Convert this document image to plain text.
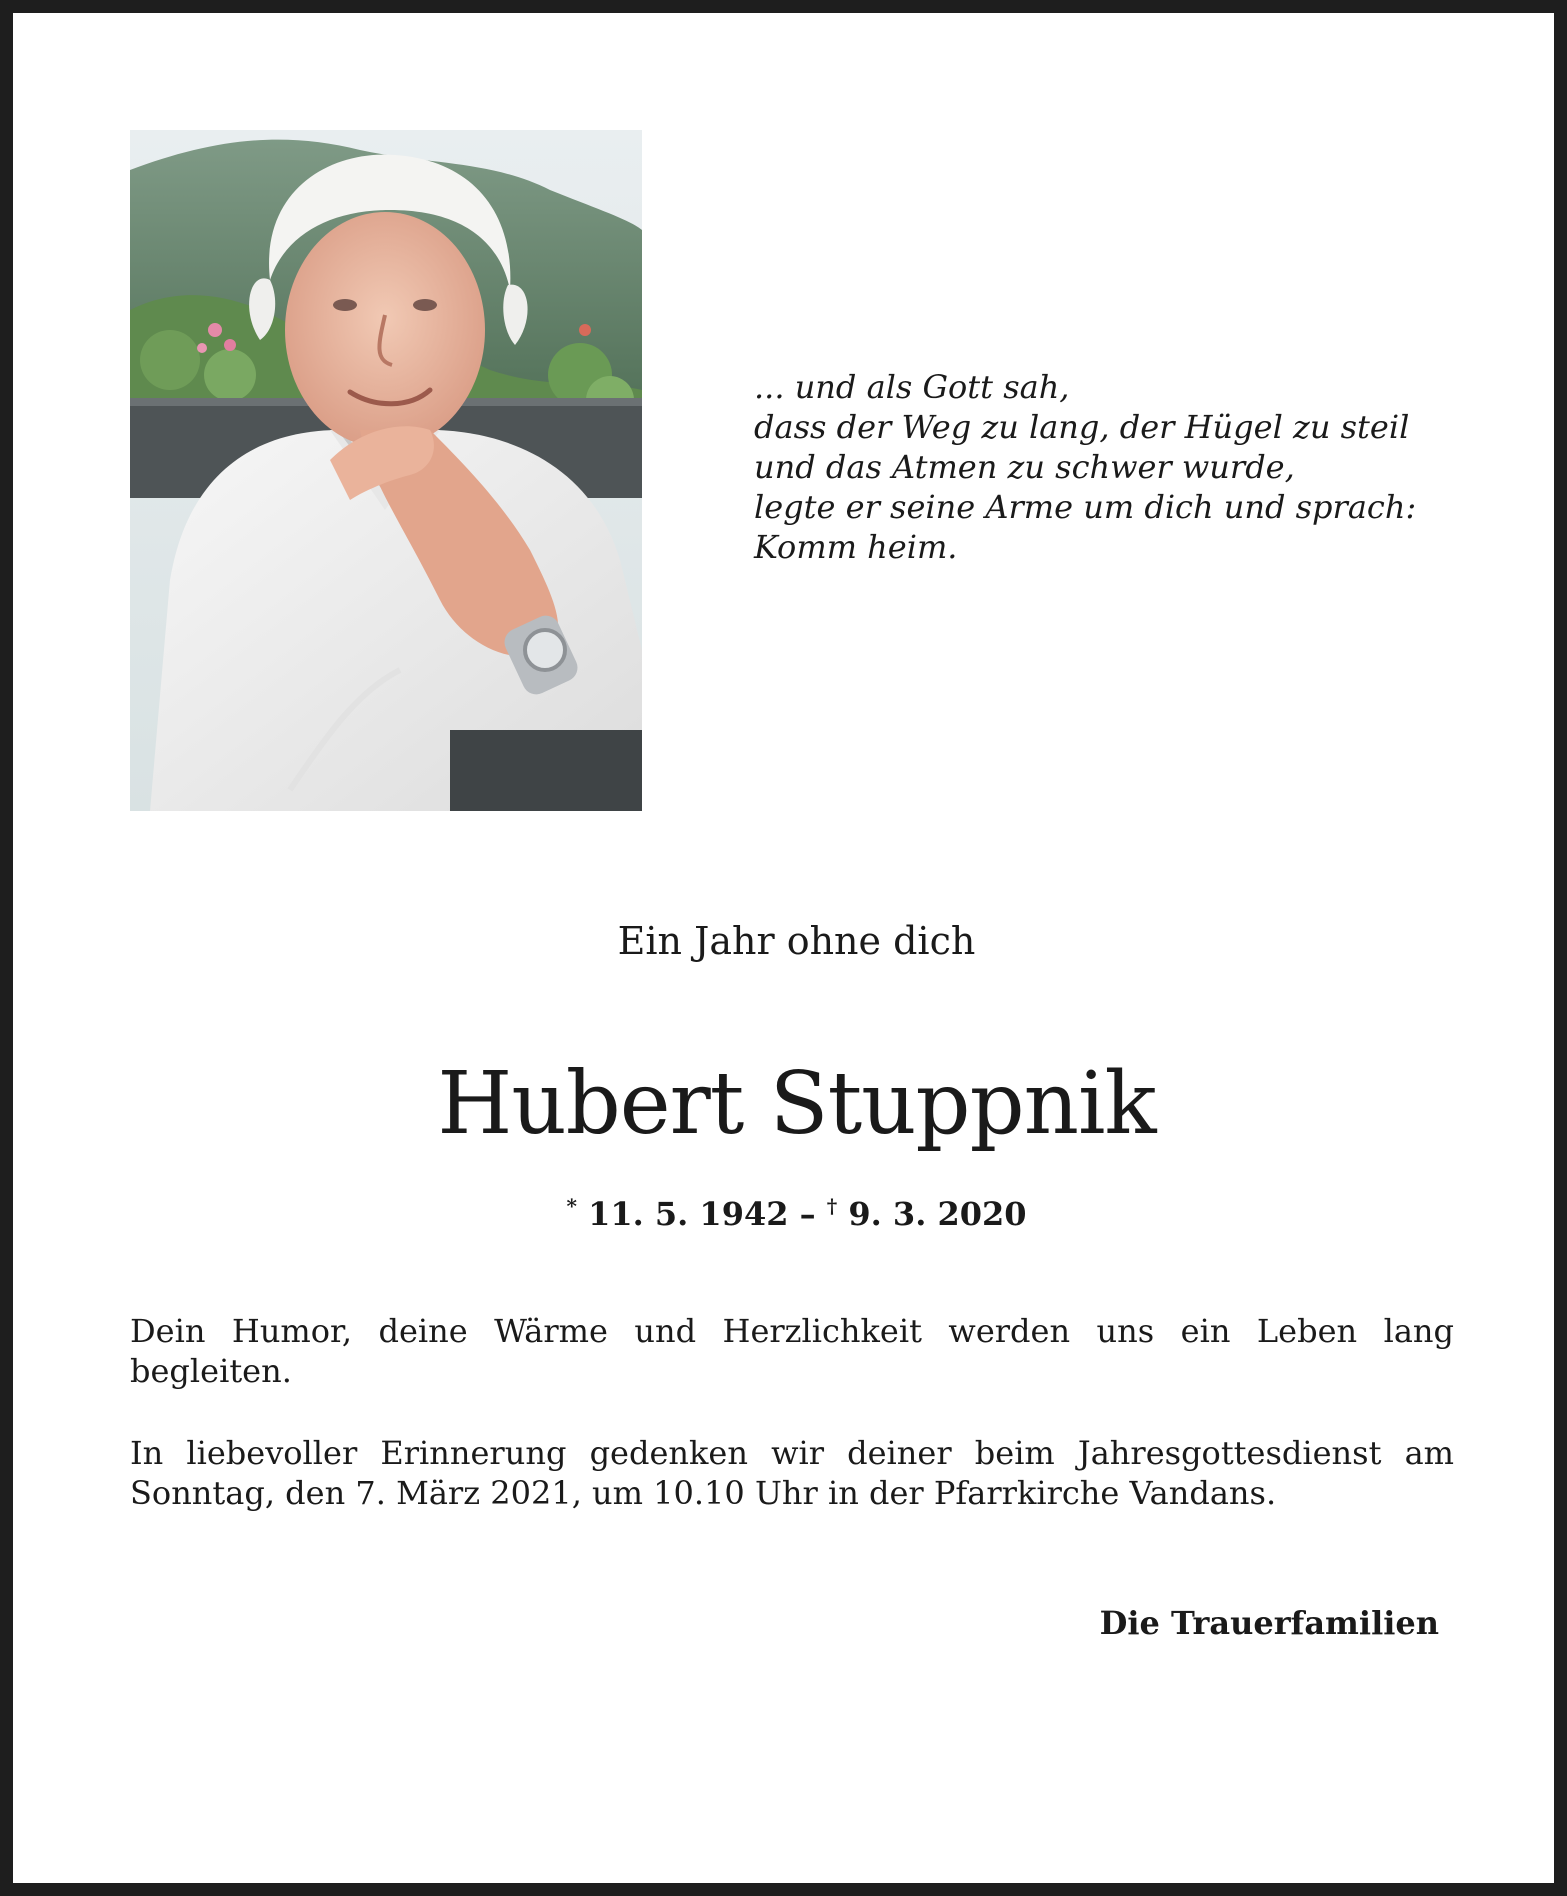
... und als Gott sah,
dass der Weg zu lang, der Hügel zu steil
und das Atmen zu schwer wurde,
legte er seine Arme um dich und sprach:
Komm heim.
Ein Jahr ohne dich
Hubert Stuppnik
* 11. 5. 1942 – † 9. 3. 2020
Dein Humor, deine Wärme und Herzlichkeit werden uns ein Leben lang begleiten.
In liebevoller Erinnerung gedenken wir deiner beim Jahresgottesdienst am Sonntag, den 7. März 2021, um 10.10 Uhr in der Pfarrkirche Vandans.
Die Trauerfamilien
